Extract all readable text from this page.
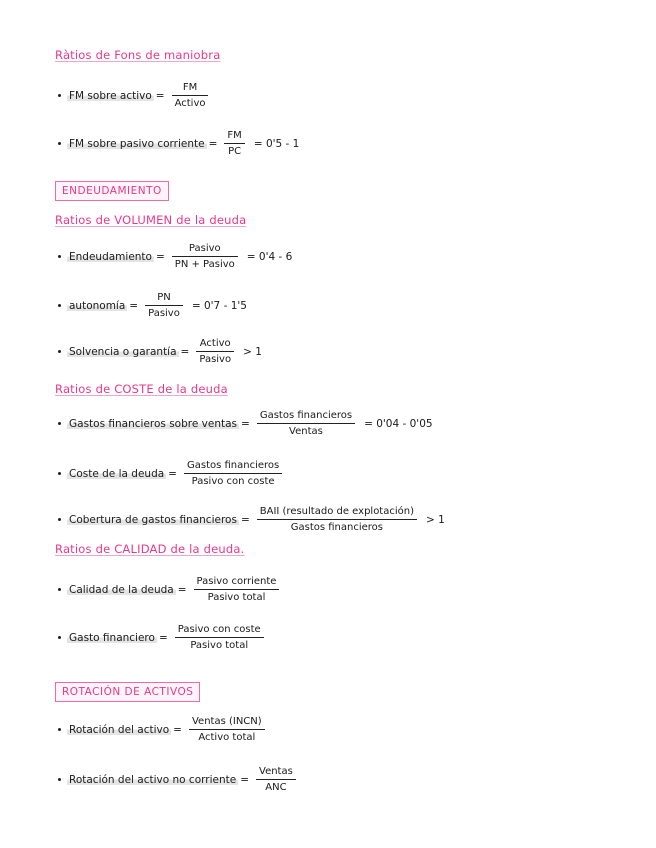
Ràtios de Fons de maniobra
FM sobre activo = $\frac{FM}{\text{Activo}}$
FM sobre pasivo corriente = $\frac{FM}{PC} = 0'5 - 1$
ENDEUDAMIENTO
Ratios de VOLUMEN de la deuda
Endeudamiento = $\frac{\text{Pasivo}}{\text{PN + Pasivo}} = 0'4 - 6$
autonomía = $\frac{PN}{\text{Pasivo}} = 0'7 - 1'5$
Solvencia o garantía = $\frac{\text{Activo}}{\text{Pasivo}} > 1$
Ratios de COSTE de la deuda
Gastos financieros sobre ventas = $\frac{\text{Gastos financieros}}{\text{Ventas}} = 0'04 - 0'05$
Coste de la deuda = $\frac{\text{Gastos financieros}}{\text{Pasivo con coste}}$
Cobertura de gastos financieros = $\frac{\text{BAII (resultado de explotación)}}{\text{Gastos financieros}} > 1$
Ratios de CALIDAD de la deuda.
Calidad de la deuda = $\frac{\text{Pasivo corriente}}{\text{Pasivo total}}$
Gasto financiero = $\frac{\text{Pasivo con coste}}{\text{Pasivo total}}$
ROTACIÓN DE ACTIVOS
Rotación del activo = $\frac{\text{Ventas (INCN)}}{\text{Activo total}}$
Rotación del activo no corriente = $\frac{\text{Ventas}}{\text{ANC}}$
